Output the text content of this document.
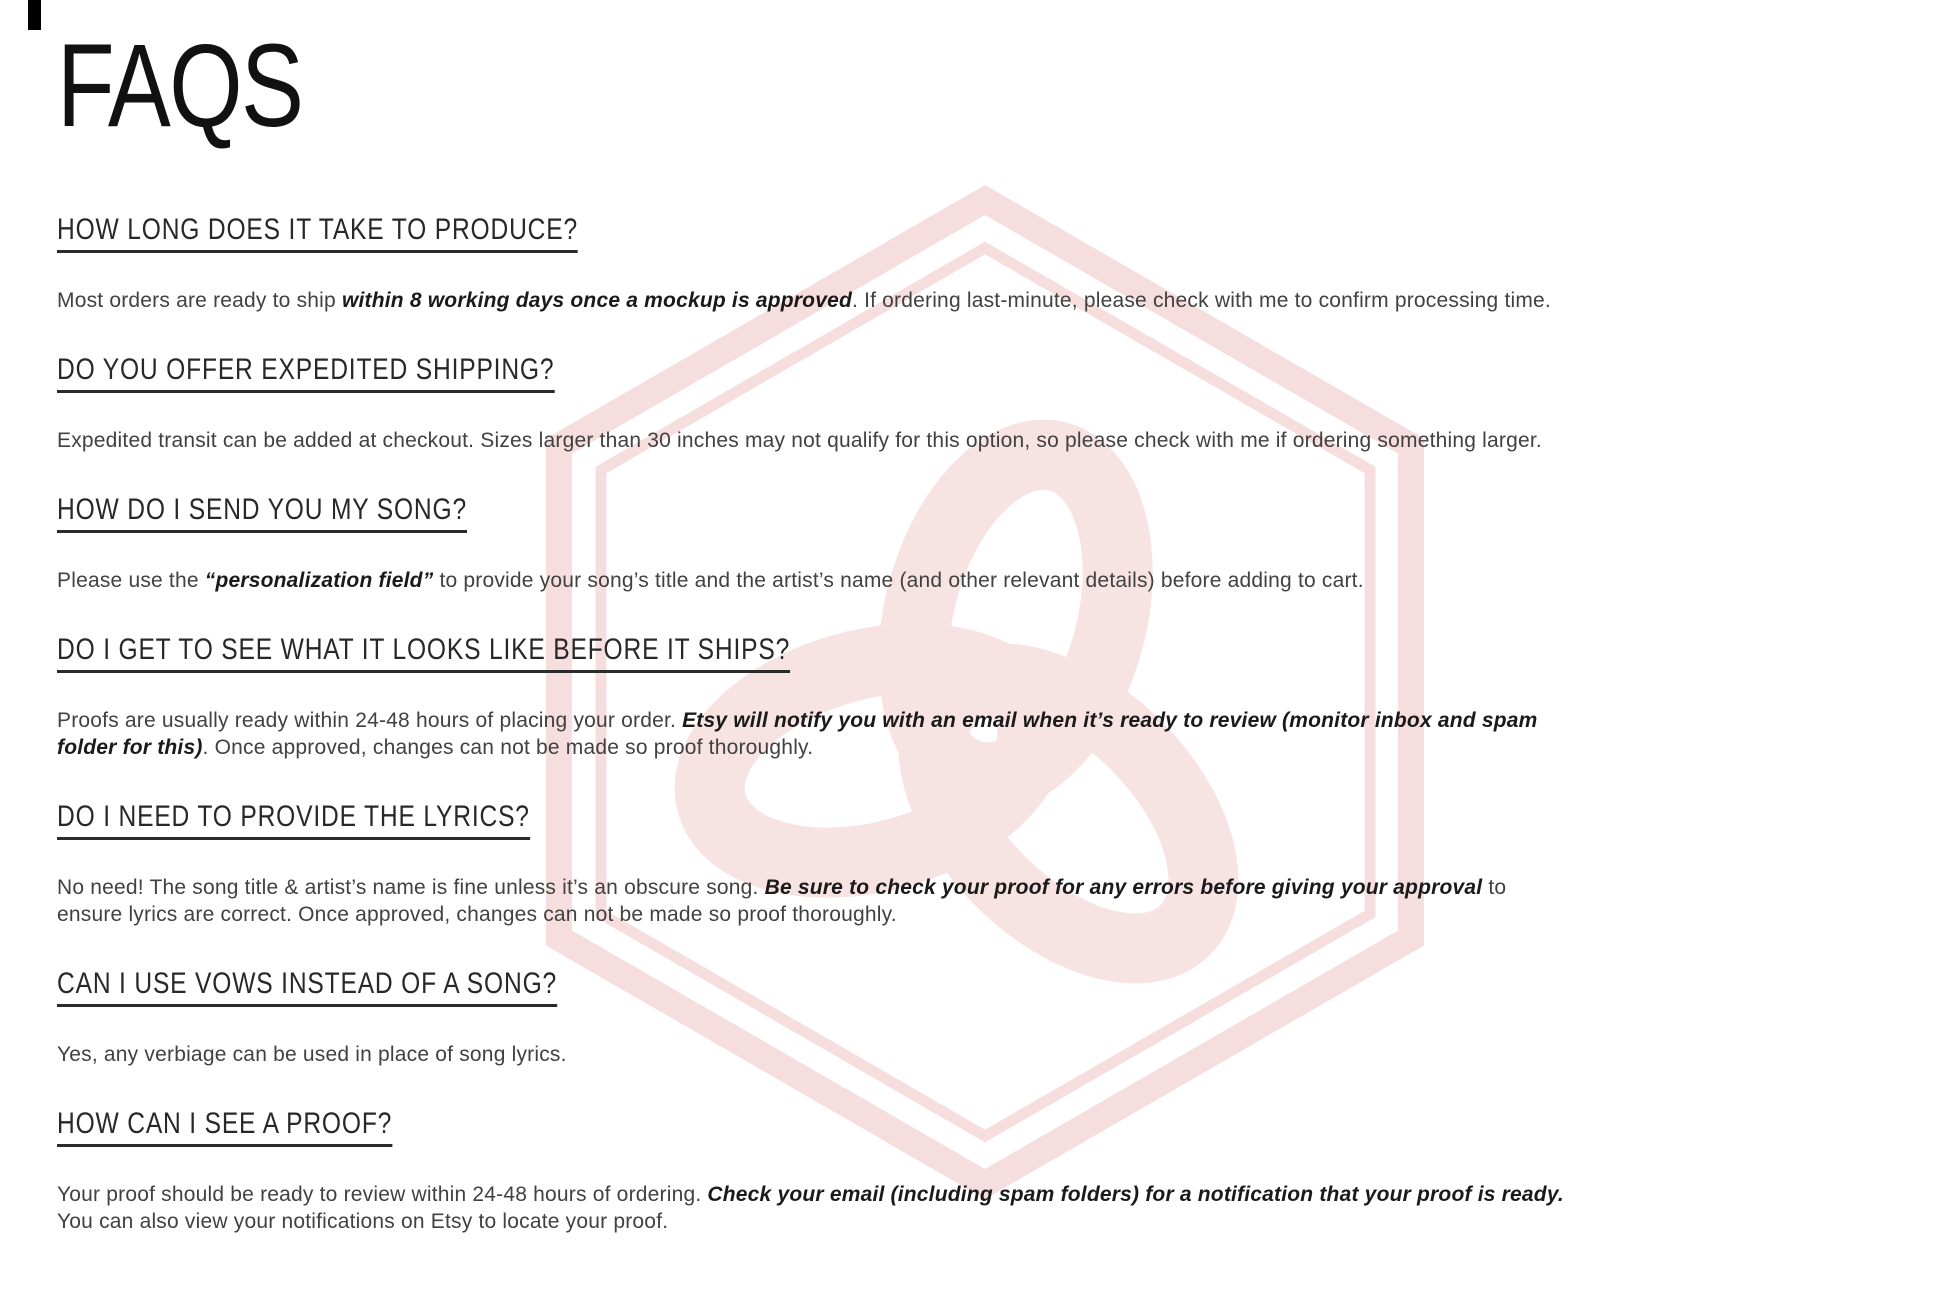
FAQS
HOW LONG DOES IT TAKE TO PRODUCE?

Most orders are ready to ship within 8 working days once a mockup is approved. If ordering last-minute, please check with me to confirm processing time.

DO YOU OFFER EXPEDITED SHIPPING?

Expedited transit can be added at checkout. Sizes larger than 30 inches may not qualify for this option, so please check with me if ordering something larger.

HOW DO I SEND YOU MY SONG?

Please use the “personalization field” to provide your song’s title and the artist’s name (and other relevant details) before adding to cart.

DO I GET TO SEE WHAT IT LOOKS LIKE BEFORE IT SHIPS?

Proofs are usually ready within 24-48 hours of placing your order. Etsy will notify you with an email when it’s ready to review (monitor inbox and spam folder for this). Once approved, changes can not be made so proof thoroughly.

DO I NEED TO PROVIDE THE LYRICS?

No need! The song title & artist’s name is fine unless it’s an obscure song. Be sure to check your proof for any errors before giving your approval to ensure lyrics are correct. Once approved, changes can not be made so proof thoroughly.

CAN I USE VOWS INSTEAD OF A SONG?

Yes, any verbiage can be used in place of song lyrics.

HOW CAN I SEE A PROOF?

Your proof should be ready to review within 24-48 hours of ordering. Check your email (including spam folders) for a notification that your proof is ready. You can also view your notifications on Etsy to locate your proof.
